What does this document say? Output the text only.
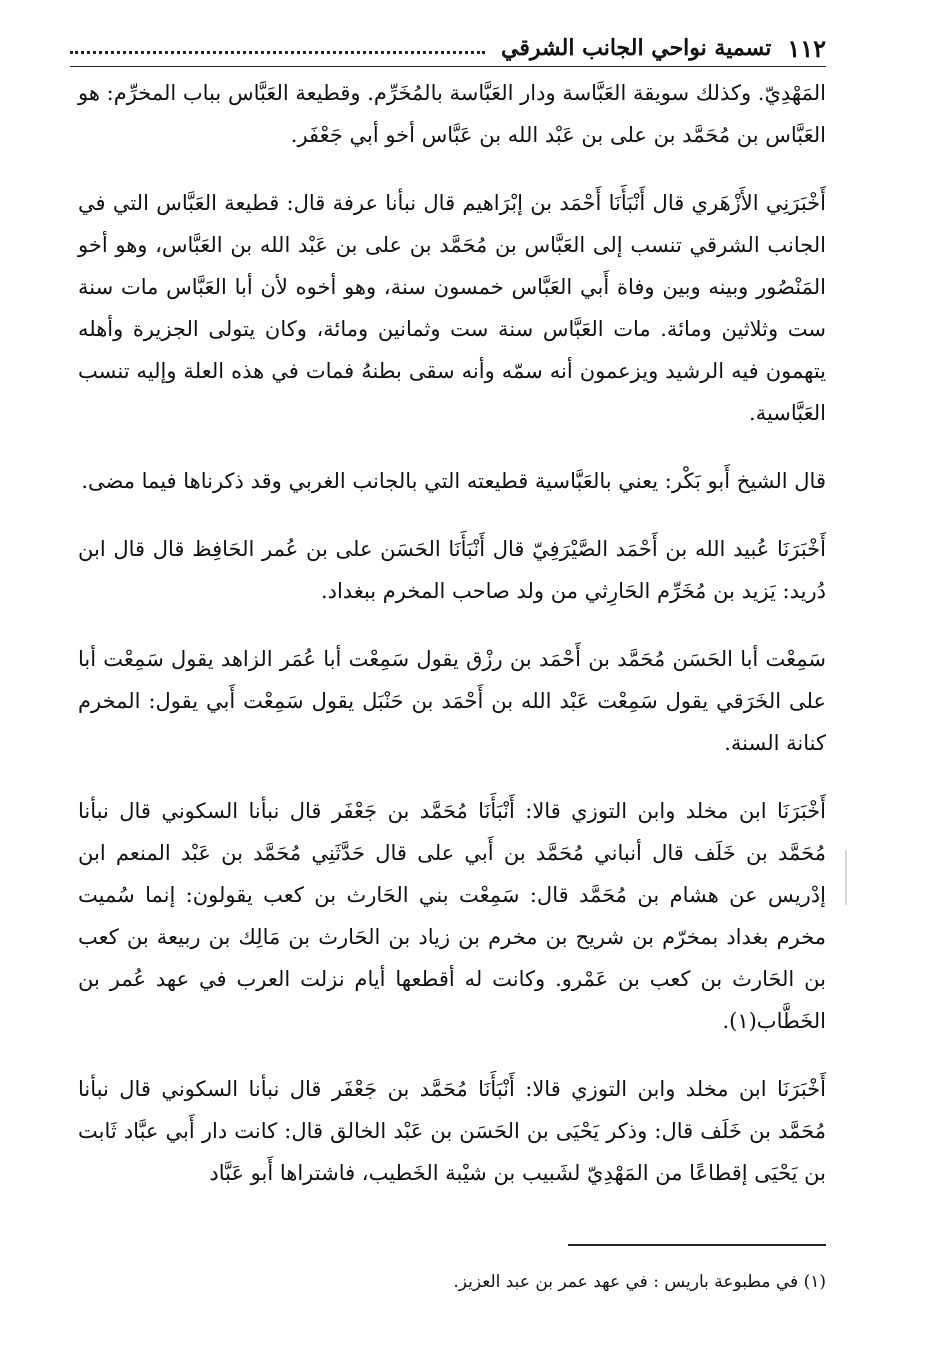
١١٢
تسمية نواحي الجانب الشرقي

المَهْدِيّ. وكذلك سويقة العَبَّاسة ودار العَبَّاسة بالمُخَرِّم. وقطيعة العَبَّاس بباب المخرِّم: هو العَبَّاس بن مُحَمَّد بن على بن عَبْد الله بن عَبَّاس أخو أبي جَعْفَر.

أَخْبَرَنِي الأَزْهَري قال أَنْبَأَنَا أَحْمَد بن إبْرَاهيم قال نبأنا عرفة قال: قطيعة العَبَّاس التي في الجانب الشرقي تنسب إلى العَبَّاس بن مُحَمَّد بن على بن عَبْد الله بن العَبَّاس، وهو أخو المَنْصُور وبينه وبين وفاة أَبي العَبَّاس خمسون سنة، وهو أخوه لأن أبا العَبَّاس مات سنة ست وثلاثين ومائة. مات العَبَّاس سنة ست وثمانين ومائة، وكان يتولى الجزيرة وأهله يتهمون فيه الرشيد ويزعمون أنه سمّه وأنه سقى بطنهُ فمات في هذه العلة وإليه تنسب العَبَّاسية.

قال الشيخ أَبو بَكْر: يعني بالعَبَّاسية قطيعته التي بالجانب الغربي وقد ذكرناها فيما مضى.

أَخْبَرَنَا عُبيد الله بن أَحْمَد الصَّيْرَفِيّ قال أَنْبَأَنَا الحَسَن على بن عُمر الحَافِظ قال قال ابن دُريد: يَزيد بن مُخَرِّم الحَارِثي من ولد صاحب المخرم ببغداد.

سَمِعْت أبا الحَسَن مُحَمَّد بن أَحْمَد بن رزْق يقول سَمِعْت أبا عُمَر الزاهد يقول سَمِعْت أبا على الخَرَقي يقول سَمِعْت عَبْد الله بن أَحْمَد بن حَنْبَل يقول سَمِعْت أَبي يقول: المخرم كنانة السنة.

أَخْبَرَنَا ابن مخلد وابن التوزي قالا: أَنْبَأَنَا مُحَمَّد بن جَعْفَر قال نبأنا السكوني قال نبأنا مُحَمَّد بن خَلَف قال أنباني مُحَمَّد بن أَبي على قال حَدَّثَنِي مُحَمَّد بن عَبْد المنعم ابن إدْريس عن هشام بن مُحَمَّد قال: سَمِعْت بني الحَارث بن كعب يقولون: إنما سُميت مخرم بغداد بمخرّم بن شريح بن مخرم بن زياد بن الحَارث بن مَالِك بن ربيعة بن كعب بن الحَارث بن كعب بن عَمْرو. وكانت له أقطعها أيام نزلت العرب في عهد عُمر بن الخَطَّاب(١).

أَخْبَرَنَا ابن مخلد وابن التوزي قالا: أَنْبَأَنَا مُحَمَّد بن جَعْفَر قال نبأنا السكوني قال نبأنا مُحَمَّد بن خَلَف قال: وذكر يَحْيَى بن الحَسَن بن عَبْد الخالق قال: كانت دار أَبي عبَّاد ثَابت بن يَحْيَى إقطاعًا من المَهْدِيّ لشَبيب بن شيْبة الخَطيب، فاشتراها أَبو عَبَّاد

(١) في مطبوعة باريس : في عهد عمر بن عبد العزيز.
